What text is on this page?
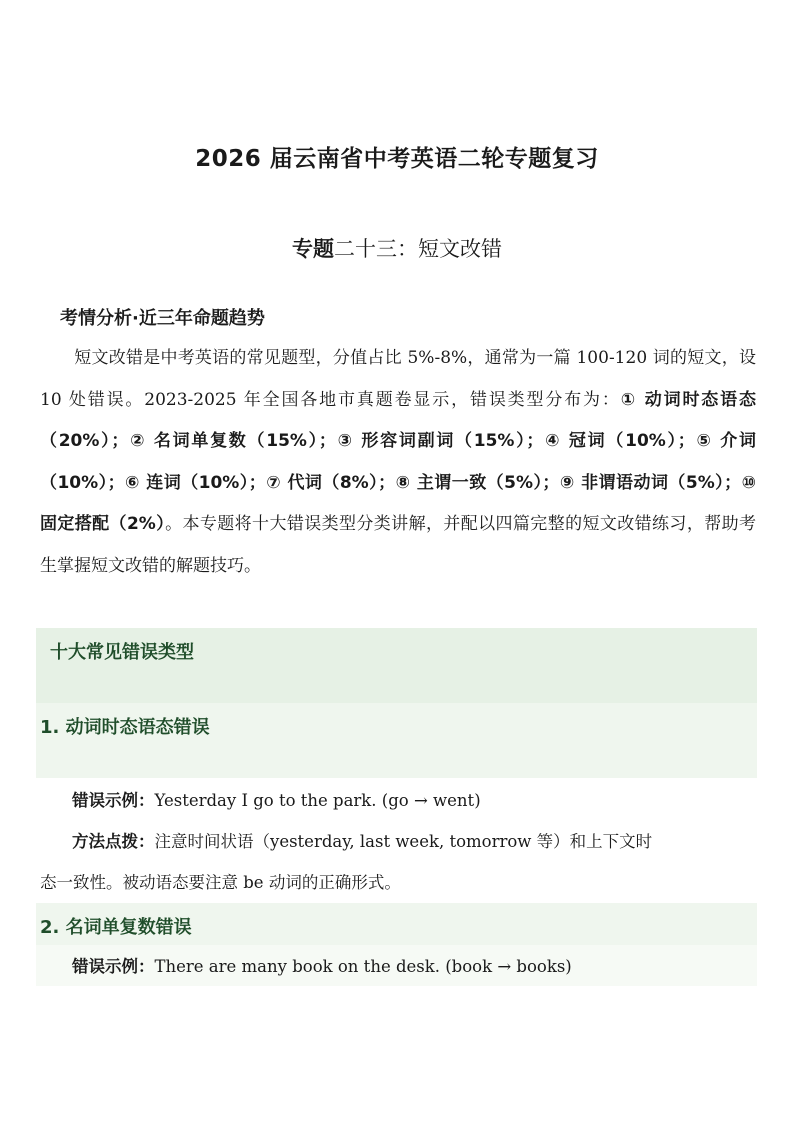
2026 届云南省中考英语二轮专题复习
专题二十三：短文改错
考情分析·近三年命题趋势
短文改错是中考英语的常见题型，分值占比 5%-8%，通常为一篇 100-120 词的短文，设 10 处错误。2023-2025 年全国各地市真题卷显示，错误类型分布为：① 动词时态语态（20%）；② 名词单复数（15%）；③ 形容词副词（15%）；④ 冠词（10%）；⑤ 介词（10%）；⑥ 连词（10%）；⑦ 代词（8%）；⑧ 主谓一致（5%）；⑨ 非谓语动词（5%）；⑩ 固定搭配（2%）。本专题将十大错误类型分类讲解，并配以四篇完整的短文改错练习，帮助考生掌握短文改错的解题技巧。
十大常见错误类型
1. 动词时态语态错误
错误示例：Yesterday I go to the park. (go → went)
方法点拨：注意时间状语（yesterday, last week, tomorrow 等）和上下文时
态一致性。被动语态要注意 be 动词的正确形式。
2. 名词单复数错误
错误示例：There are many book on the desk. (book → books)
